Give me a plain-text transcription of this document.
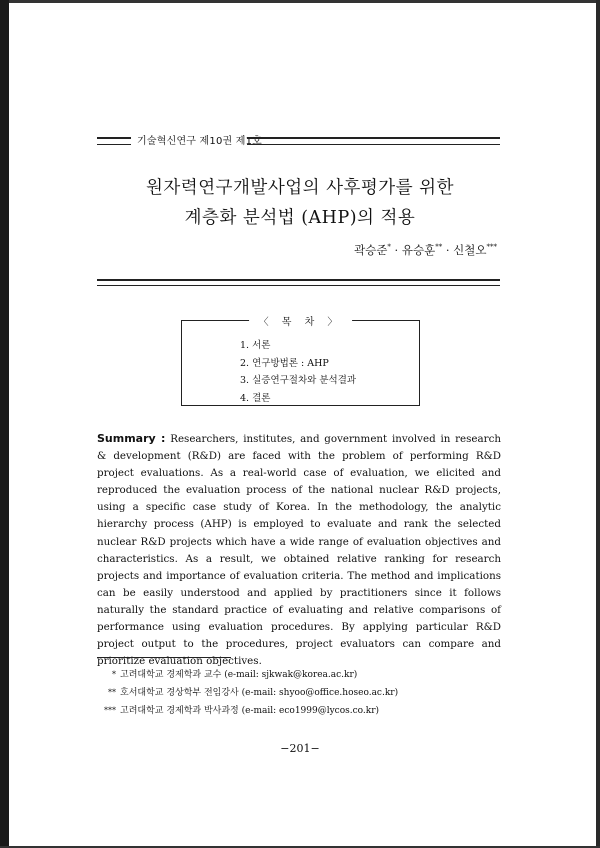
기술혁신연구 제10권 제1호
원자력연구개발사업의 사후평가를 위한
계층화 분석법 (AHP)의 적용
곽승준* · 유승훈** · 신철오***
〈 목 차 〉
1. 서론
2. 연구방법론 : AHP
3. 실증연구절차와 분석결과
4. 결론
Summary : Researchers, institutes, and government involved in research & development (R&D) are faced with the problem of performing R&D project evaluations. As a real-world case of evaluation, we elicited and reproduced the evaluation process of the national nuclear R&D projects, using a specific case study of Korea. In the methodology, the analytic hierarchy process (AHP) is employed to evaluate and rank the selected nuclear R&D projects which have a wide range of evaluation objectives and characteristics. As a result, we obtained relative ranking for research projects and importance of evaluation criteria. The method and implications can be easily understood and applied by practitioners since it follows naturally the standard practice of evaluating and relative comparisons of performance using evaluation procedures. By applying particular R&D project output to the procedures, project evaluators can compare and prioritize evaluation objectives.
* 고려대학교 경제학과 교수 (e-mail: sjkwak@korea.ac.kr)
** 호서대학교 경상학부 전임강사 (e-mail: shyoo@office.hoseo.ac.kr)
*** 고려대학교 경제학과 박사과정 (e-mail: eco1999@lycos.co.kr)
−201−
